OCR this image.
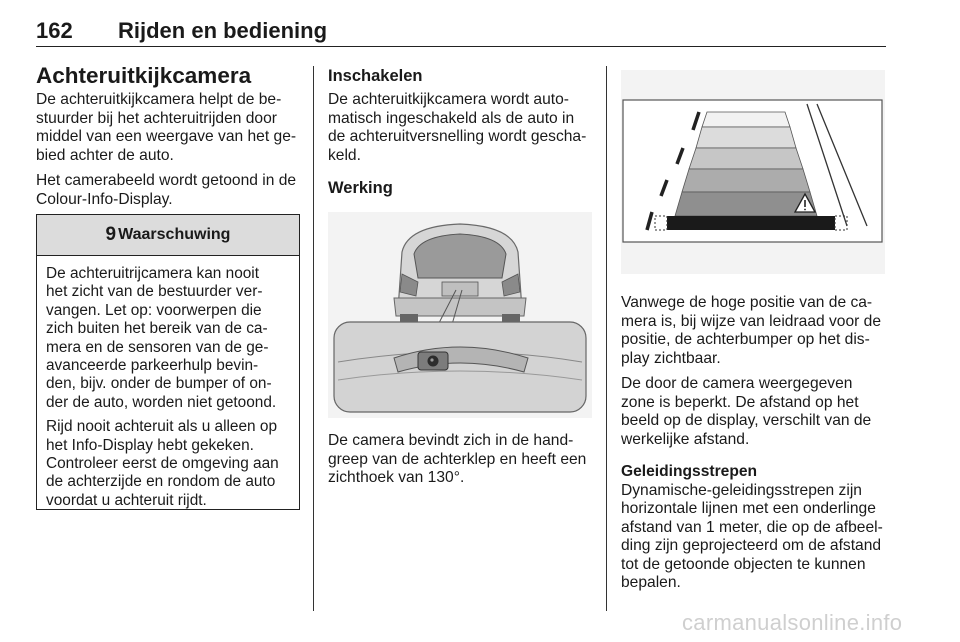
162 Rijden en bediening
Achteruitkijkcamera

De achteruitkijkcamera helpt de be-
stuurder bij het achteruitrijden door
middel van een weergave van het ge-
bied achter de auto.

Het camerabeeld wordt getoond in de
Colour-Info-Display.

9 Waarschuwing

De achteruitrijcamera kan nooit
het zicht van de bestuurder ver-
vangen. Let op: voorwerpen die
zich buiten het bereik van de ca-
mera en de sensoren van de ge-
avanceerde parkeerhulp bevin-
den, bijv. onder de bumper of on-
der de auto, worden niet getoond.

Rijd nooit achteruit als u alleen op
het Info-Display hebt gekeken.
Controleer eerst de omgeving aan
de achterzijde en rondom de auto
voordat u achteruit rijdt.

Inschakelen

De achteruitkijkcamera wordt auto-
matisch ingeschakeld als de auto in
de achteruitversnelling wordt gescha-
keld.

Werking

De camera bevindt zich in de hand-
greep van de achterklep en heeft een
zichthoek van 130°.

Vanwege de hoge positie van de ca-
mera is, bij wijze van leidraad voor de
positie, de achterbumper op het dis-
play zichtbaar.

De door de camera weergegeven
zone is beperkt. De afstand op het
beeld op de display, verschilt van de
werkelijke afstand.

Geleidingsstrepen

Dynamische-geleidingsstrepen zijn
horizontale lijnen met een onderlinge
afstand van 1 meter, die op de afbeel-
ding zijn geprojecteerd om de afstand
tot de getoonde objecten te kunnen
bepalen.

carmanualsonline.info
